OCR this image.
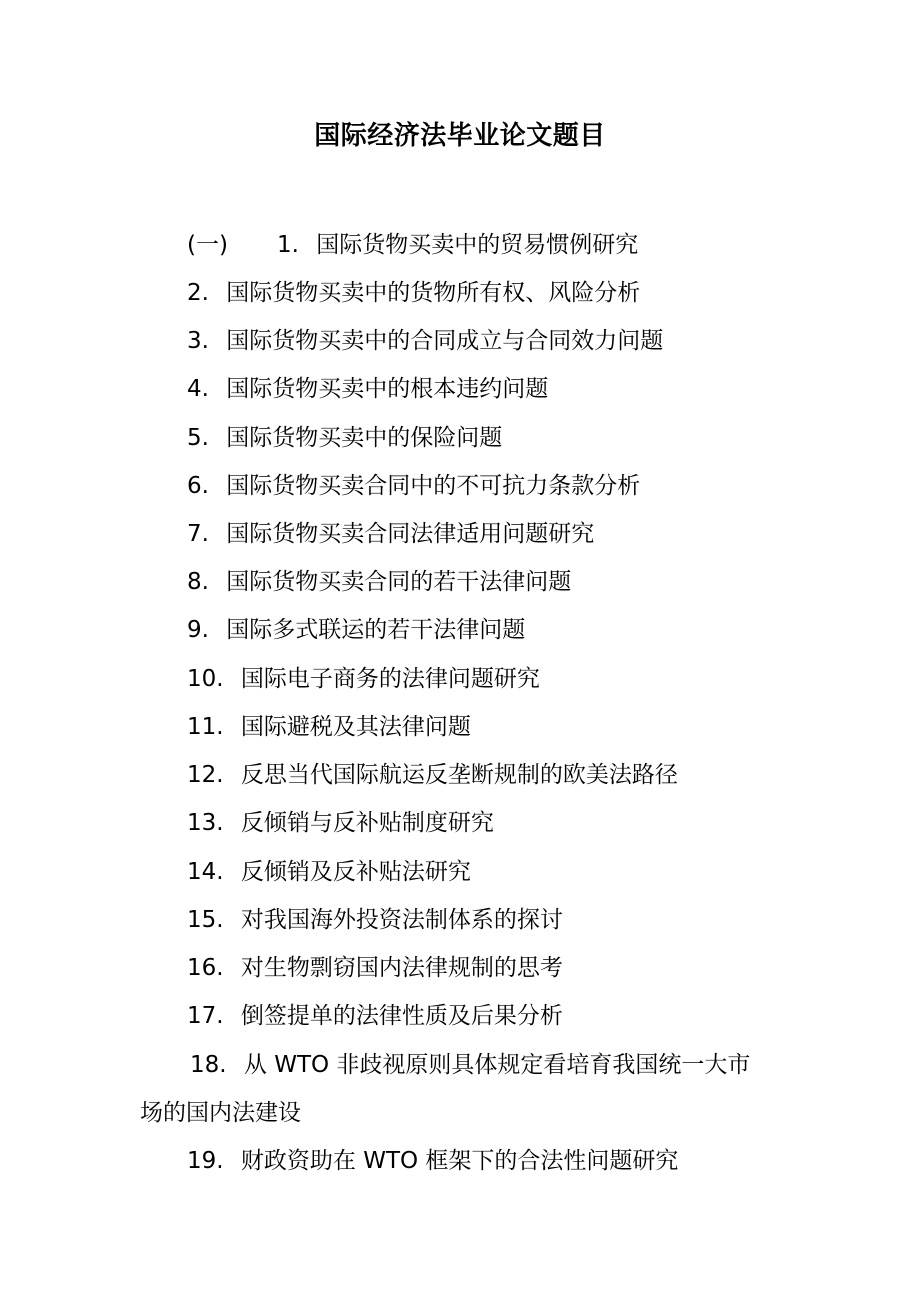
国际经济法毕业论文题目
(一) 1. 国际货物买卖中的贸易惯例研究
2. 国际货物买卖中的货物所有权、风险分析
3. 国际货物买卖中的合同成立与合同效力问题
4. 国际货物买卖中的根本违约问题
5. 国际货物买卖中的保险问题
6. 国际货物买卖合同中的不可抗力条款分析
7. 国际货物买卖合同法律适用问题研究
8. 国际货物买卖合同的若干法律问题
9. 国际多式联运的若干法律问题
10. 国际电子商务的法律问题研究
11. 国际避税及其法律问题
12. 反思当代国际航运反垄断规制的欧美法路径
13. 反倾销与反补贴制度研究
14. 反倾销及反补贴法研究
15. 对我国海外投资法制体系的探讨
16. 对生物剽窃国内法律规制的思考
17. 倒签提单的法律性质及后果分析
18. 从 WTO 非歧视原则具体规定看培育我国统一大市
场的国内法建设
19. 财政资助在 WTO 框架下的合法性问题研究
